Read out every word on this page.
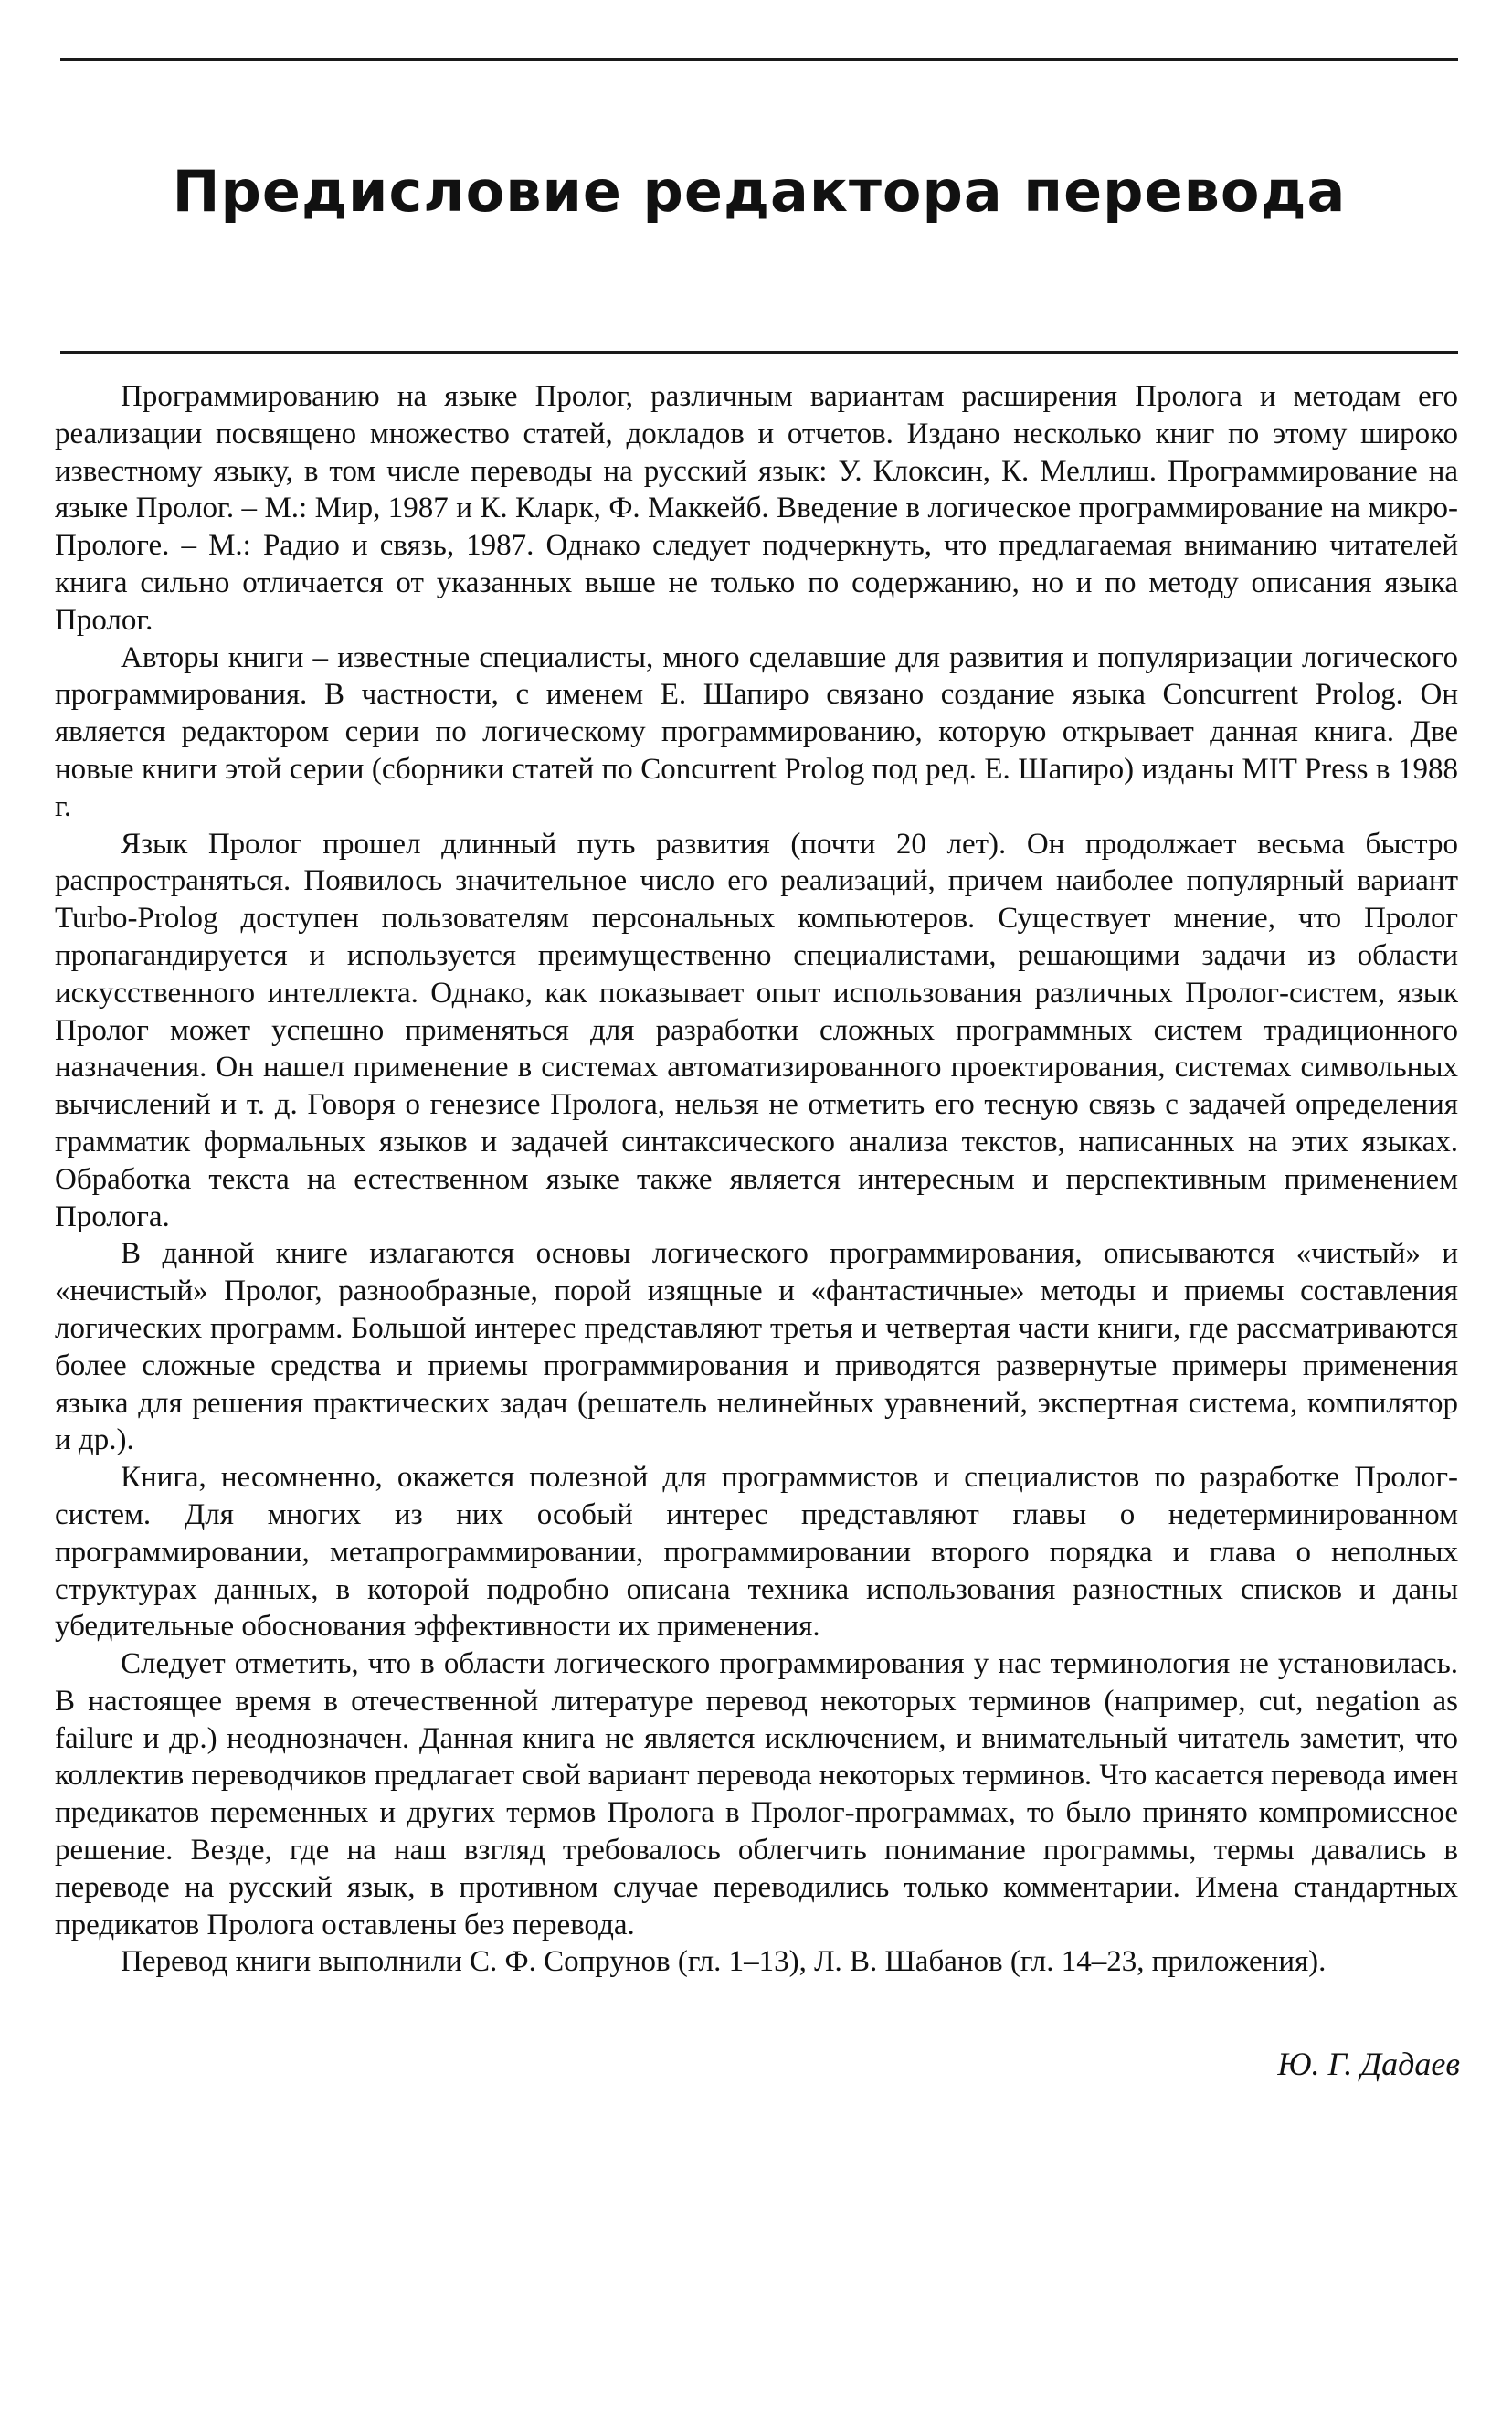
Предисловие редактора перевода

Программированию на языке Пролог, различным вариантам расширения Пролога и методам его реализации посвящено множество статей, докладов и отчетов. Издано несколько книг по этому широко известному языку, в том числе переводы на русский язык: У. Клоксин, К. Меллиш. Программирование на языке Пролог. – М.: Мир, 1987 и К. Кларк, Ф. Маккейб. Введение в логическое программирование на микро-Прологе. – М.: Радио и связь, 1987. Однако следует подчеркнуть, что предлагаемая вниманию читателей книга сильно отличается от указанных выше не только по содержанию, но и по методу описания языка Пролог.

Авторы книги – известные специалисты, много сделавшие для развития и популяризации логического программирования. В частности, с именем Е. Шапиро связано создание языка Concurrent Prolog. Он является редактором серии по логическому программированию, которую открывает данная книга. Две новые книги этой серии (сборники статей по Concurrent Prolog под ред. Е. Шапиро) изданы MIT Press в 1988 г.

Язык Пролог прошел длинный путь развития (почти 20 лет). Он продолжает весьма быстро распространяться. Появилось значительное число его реализаций, причем наиболее популярный вариант Turbo-Prolog доступен пользователям персональных компьютеров. Существует мнение, что Пролог пропагандируется и используется преимущественно специалистами, решающими задачи из области искусственного интеллекта. Однако, как показывает опыт использования различных Пролог-систем, язык Пролог может успешно применяться для разработки сложных программных систем традиционного назначения. Он нашел применение в системах автоматизированного проектирования, системах символьных вычислений и т. д. Говоря о генезисе Пролога, нельзя не отметить его тесную связь с задачей определения грамматик формальных языков и задачей синтаксического анализа текстов, написанных на этих языках. Обработка текста на естественном языке также является интересным и перспективным применением Пролога.

В данной книге излагаются основы логического программирования, описываются «чистый» и «нечистый» Пролог, разнообразные, порой изящные и «фантастичные» методы и приемы составления логических программ. Большой интерес представляют третья и четвертая части книги, где рассматриваются более сложные средства и приемы программирования и приводятся развернутые примеры применения языка для решения практических задач (решатель нелинейных уравнений, экспертная система, компилятор и др.).

Книга, несомненно, окажется полезной для программистов и специалистов по разработке Пролог-систем. Для многих из них особый интерес представляют главы о недетерминированном программировании, метапрограммировании, программировании второго порядка и глава о неполных структурах данных, в которой подробно описана техника использования разностных списков и даны убедительные обоснования эффективности их применения.

Следует отметить, что в области логического программирования у нас терминология не установилась. В настоящее время в отечественной литературе перевод некоторых терминов (например, cut, negation as failure и др.) неоднозначен. Данная книга не является исключением, и внимательный читатель заметит, что коллектив переводчиков предлагает свой вариант перевода некоторых терминов. Что касается перевода имен предикатов переменных и других термов Пролога в Пролог-программах, то было принято компромиссное решение. Везде, где на наш взгляд требовалось облегчить понимание программы, термы давались в переводе на русский язык, в противном случае переводились только комментарии. Имена стандартных предикатов Пролога оставлены без перевода.

Перевод книги выполнили С. Ф. Сопрунов (гл. 1–13), Л. В. Шабанов (гл. 14–23, приложения).

Ю. Г. Дадаев
